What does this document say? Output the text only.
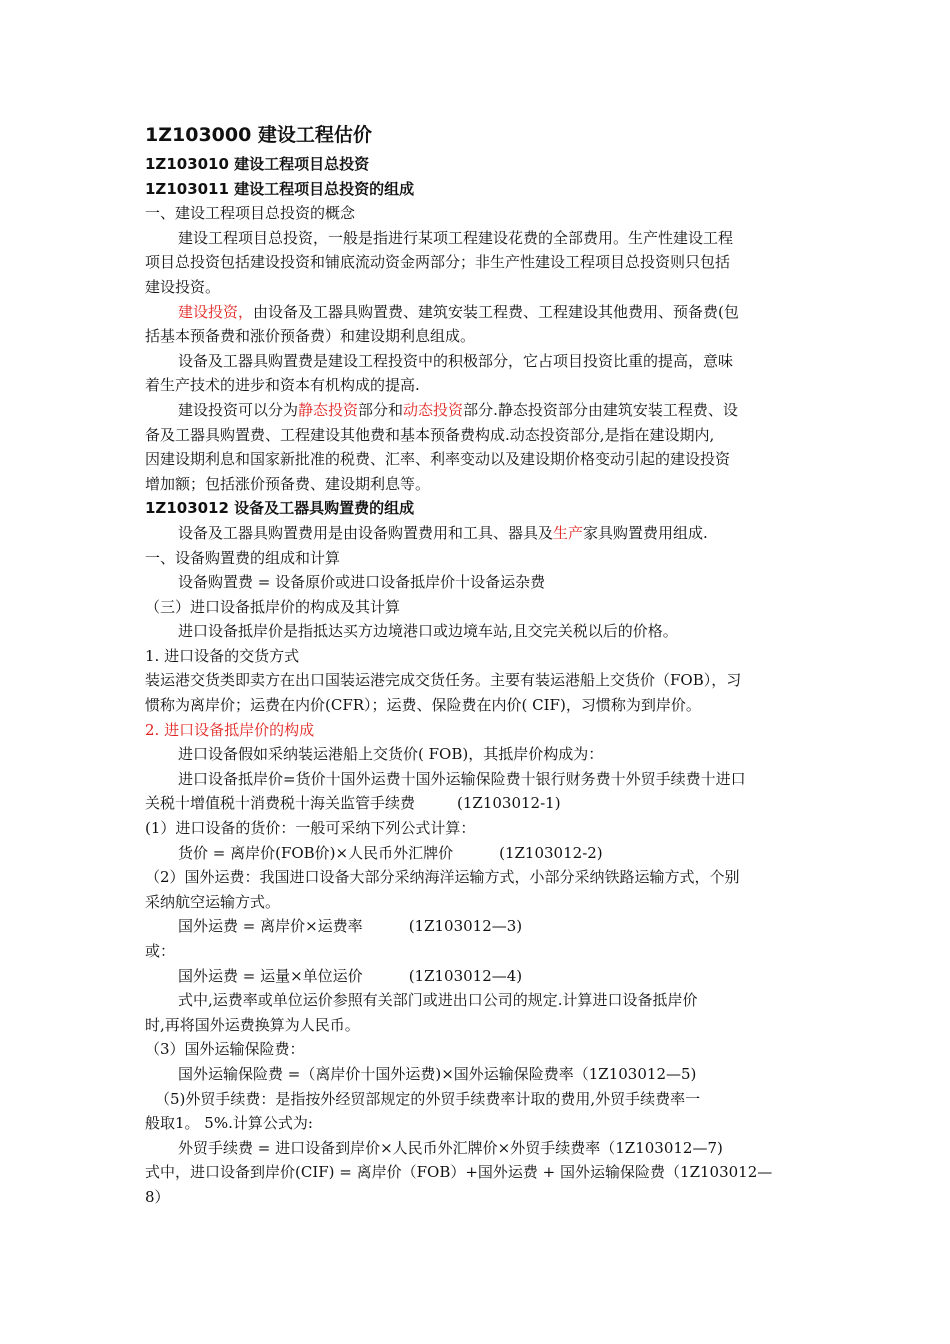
1Z103000 建设工程估价
1Z103010 建设工程项目总投资
1Z103011 建设工程项目总投资的组成
一、建设工程项目总投资的概念
建设工程项目总投资，一般是指进行某项工程建设花费的全部费用。生产性建设工程
项目总投资包括建设投资和铺底流动资金两部分；非生产性建设工程项目总投资则只包括
建设投资。
建设投资，由设备及工器具购置费、建筑安装工程费、工程建设其他费用、预备费(包
括基本预备费和涨价预备费）和建设期利息组成。
设备及工器具购置费是建设工程投资中的积极部分，它占项目投资比重的提高，意味
着生产技术的进步和资本有机构成的提高.
建设投资可以分为静态投资部分和动态投资部分.静态投资部分由建筑安装工程费、设
备及工器具购置费、工程建设其他费和基本预备费构成.动态投资部分,是指在建设期内,
因建设期利息和国家新批准的税费、汇率、利率变动以及建设期价格变动引起的建设投资
增加额；包括涨价预备费、建设期利息等。
1Z103012 设备及工器具购置费的组成
设备及工器具购置费用是由设备购置费用和工具、器具及生产家具购置费用组成.
一、设备购置费的组成和计算
设备购置费 = 设备原价或进口设备抵岸价十设备运杂费
（三）进口设备抵岸价的构成及其计算
进口设备抵岸价是指抵达买方边境港口或边境车站,且交完关税以后的价格。
1. 进口设备的交货方式
装运港交货类即卖方在出口国装运港完成交货任务。主要有装运港船上交货价（FOB），习
惯称为离岸价；运费在内价(CFR）；运费、保险费在内价( CIF)，习惯称为到岸价。
2. 进口设备抵岸价的构成
进口设备假如采纳装运港船上交货价( FOB)，其抵岸价构成为：
进口设备抵岸价=货价十国外运费十国外运输保险费十银行财务费十外贸手续费十进口
关税十增值税十消费税十海关监管手续费	(1Z103012-1)
(1）进口设备的货价：一般可采纳下列公式计算：
货价 = 离岸价(FOB价)×人民币外汇牌价	(1Z103012-2)
（2）国外运费：我国进口设备大部分采纳海洋运输方式，小部分采纳铁路运输方式，个别
采纳航空运输方式。
国外运费 = 离岸价×运费率	(1Z103012—3)
或：
国外运费 = 运量×单位运价	(1Z103012—4)
式中,运费率或单位运价参照有关部门或进出口公司的规定.计算进口设备抵岸价
时,再将国外运费换算为人民币。
（3）国外运输保险费：
国外运输保险费 =（离岸价十国外运费)×国外运输保险费率（1Z103012—5)
（5)外贸手续费：是指按外经贸部规定的外贸手续费率计取的费用,外贸手续费率一
般取1。 5%.计算公式为:
外贸手续费 = 进口设备到岸价×人民币外汇牌价×外贸手续费率（1Z103012—7)
式中，进口设备到岸价(CIF) = 离岸价（FOB）+国外运费 + 国外运输保险费（1Z103012—
8）
